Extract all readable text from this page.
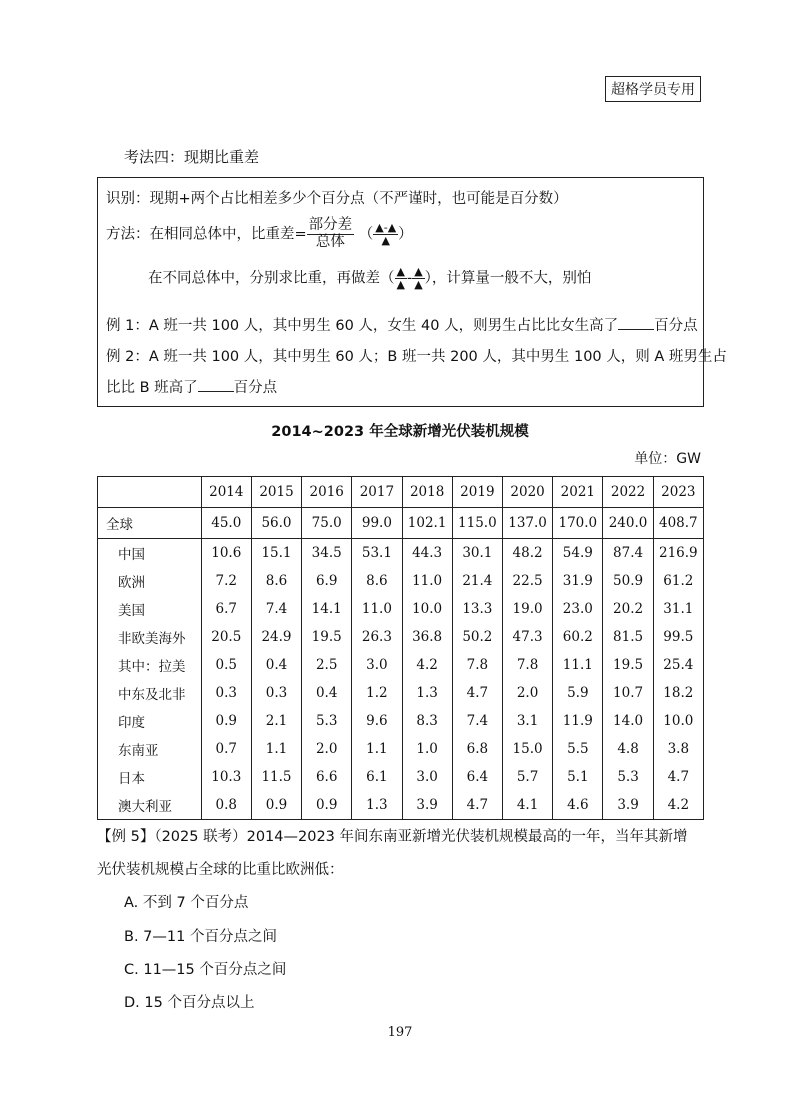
超格学员专用
考法四：现期比重差
识别：现期+两个占比相差多少个百分点（不严谨时，也可能是百分数）
方法：在相同总体中，比重差= $\frac{\text{部分差}}{\text{总体}}$ （ $\frac{▲-▲}{▲}$ ）
在不同总体中，分别求比重，再做差（ $\frac{▲}{▲} - \frac{▲}{▲}$ ），计算量一般不大，别怕
例 1：A 班一共 100 人，其中男生 60 人，女生 40 人，则男生占比比女生高了 百分点
例 2：A 班一共 100 人，其中男生 60 人；B 班一共 200 人，其中男生 100 人，则 A 班男生占
比比 B 班高了 百分点
2014~2023 年全球新增光伏装机规模
单位：GW
	2014	2015	2016	2017	2018	2019	2020	2021	2022	2023
全球	45.0	56.0	75.0	99.0	102.1	115.0	137.0	170.0	240.0	408.7
中国	10.6	15.1	34.5	53.1	44.3	30.1	48.2	54.9	87.4	216.9
欧洲	7.2	8.6	6.9	8.6	11.0	21.4	22.5	31.9	50.9	61.2
美国	6.7	7.4	14.1	11.0	10.0	13.3	19.0	23.0	20.2	31.1
非欧美海外	20.5	24.9	19.5	26.3	36.8	50.2	47.3	60.2	81.5	99.5
其中：拉美	0.5	0.4	2.5	3.0	4.2	7.8	7.8	11.1	19.5	25.4
中东及北非	0.3	0.3	0.4	1.2	1.3	4.7	2.0	5.9	10.7	18.2
印度	0.9	2.1	5.3	9.6	8.3	7.4	3.1	11.9	14.0	10.0
东南亚	0.7	1.1	2.0	1.1	1.0	6.8	15.0	5.5	4.8	3.8
日本	10.3	11.5	6.6	6.1	3.0	6.4	5.7	5.1	5.3	4.7
澳大利亚	0.8	0.9	0.9	1.3	3.9	4.7	4.1	4.6	3.9	4.2
【例 5】（2025 联考）2014—2023 年间东南亚新增光伏装机规模最高的一年，当年其新增
光伏装机规模占全球的比重比欧洲低：
A. 不到 7 个百分点
B. 7—11 个百分点之间
C. 11—15 个百分点之间
D. 15 个百分点以上
197
